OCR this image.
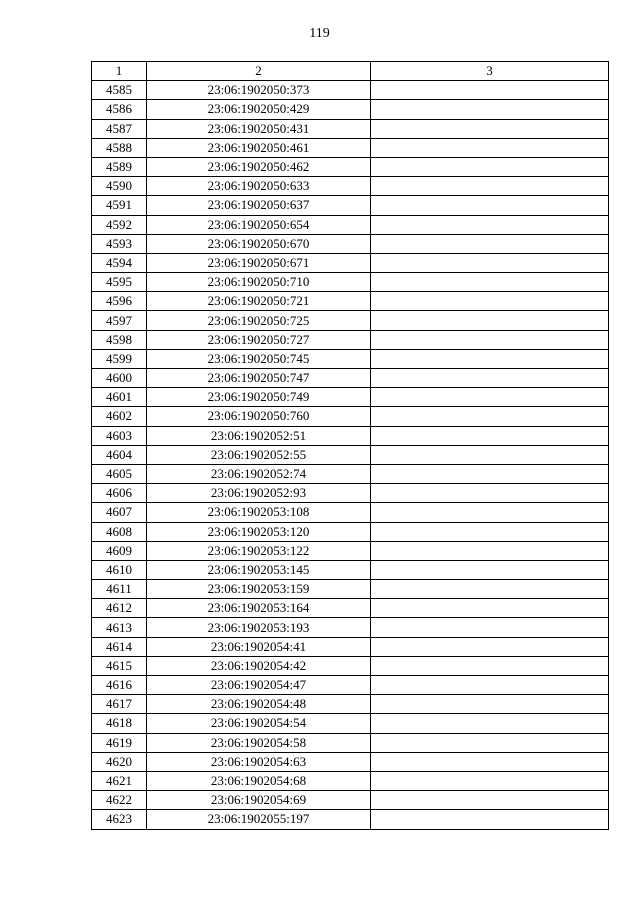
119
1	2	3
4585	23:06:1902050:373	
4586	23:06:1902050:429	
4587	23:06:1902050:431	
4588	23:06:1902050:461	
4589	23:06:1902050:462	
4590	23:06:1902050:633	
4591	23:06:1902050:637	
4592	23:06:1902050:654	
4593	23:06:1902050:670	
4594	23:06:1902050:671	
4595	23:06:1902050:710	
4596	23:06:1902050:721	
4597	23:06:1902050:725	
4598	23:06:1902050:727	
4599	23:06:1902050:745	
4600	23:06:1902050:747	
4601	23:06:1902050:749	
4602	23:06:1902050:760	
4603	23:06:1902052:51	
4604	23:06:1902052:55	
4605	23:06:1902052:74	
4606	23:06:1902052:93	
4607	23:06:1902053:108	
4608	23:06:1902053:120	
4609	23:06:1902053:122	
4610	23:06:1902053:145	
4611	23:06:1902053:159	
4612	23:06:1902053:164	
4613	23:06:1902053:193	
4614	23:06:1902054:41	
4615	23:06:1902054:42	
4616	23:06:1902054:47	
4617	23:06:1902054:48	
4618	23:06:1902054:54	
4619	23:06:1902054:58	
4620	23:06:1902054:63	
4621	23:06:1902054:68	
4622	23:06:1902054:69	
4623	23:06:1902055:197	
